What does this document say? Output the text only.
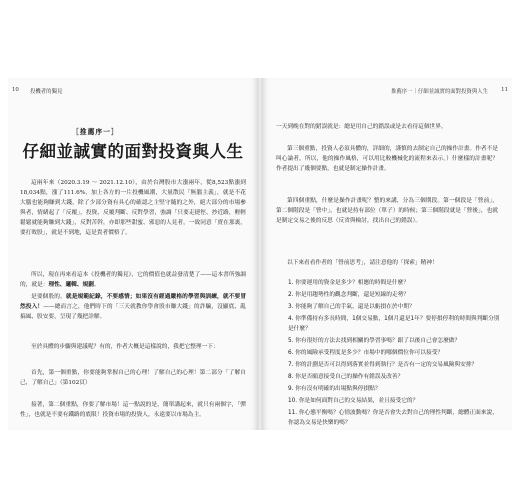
10 投機者的獨見
［推薦序一］
仔細並誠實的面對投資與人生

這兩年來（2020.3.19 ～ 2021.12.10），由於台灣股市大漲兩年，從8,523點漲到18,034點，漲了111.6%，加上各方的一片投機風潮，大量散民「無腦主義」，就是不花大腦也能夠賺到大錢，除了少部分資有具心的確認之主堅守隨的之外，絕大部分的市場參與者，情緒起了「反覆」，投資、反覆判斷、反對學習，強調「只要走捷徑、抄近路，輕輕鬆鬆就能夠賺到大錢」，反對苦幹，亦即那些甜蜜、邪惡的人見者，一致同意「賣在那裏，要打敗股」，就是不到地，這是貴者價格了。

所以，現在再來看這本《投機者的獨見》，它的價值也就益發清楚了——這本書所強調的，就是：理性、邏輯、規劃。

是要個股的。就是規範紀錄，不要感情；如果沒有經過嚴格的學習與訓練，就不要冒然投入！——總而言之，他們時下的「三天就教你學會股市賺大錢」的詐騙，沒顯底、亂搞風、股安要，呈現了幾把詮解。

至於具體的步驟與建議呢？有的，作者大概是這樣說的，我把它整理一下：

首先，第一個重點，你要能夠掌握自己的心理！了解自己的心理！第二部分「了解自己，了解自己」（第102頁）

接著，第二個重點，你要了解市場！這一點說的是，簡單講起來，就只有兩個字，「彈性」，也就是不要有鐵路的底限！投資市場的投資人，永遠要以市場為主。

推薦序一｜仔細並誠實的面對投資與人生 11

一天到晚在對的錯誤就是：總是用自己的錯誤或是去看待這個世界。

第三個重點，投資人必須具體的，詳細的，謹慎的去制定自己的操作計畫。作者不是叫心論者，所以，他的操作風格，可以用比較機械化的流程來表示。）什麼樣的計畫呢？作者提出了幾個要點，也就是制定操作計畫。

第四個重點，什麼是操作計畫呢？整的來講，分為三個期段。第一個段是「營前」，第二個階段是「營中」，也就是持有部位（單子）的時候；第三個階段就是「營後」，也就是制定交易之後的反思（反省與檢討，找出自己的錯誤）。

以下來看看作者的「營前思考」，請注意他的「探索」精神！

1. 你要運用的資金是多少？相應的時間是什麼？
2. 你是用趨勢性的觀念判斷，還是短線的走勢？
3. 你能夠了解自己的手氣，還是以虧損在於中期？
4. 你準備持有多長時間，1個交易點，1個月還是1年？要停損停利的時間與判斷分別是什麼？
5. 你有很好的方法去找到相關的學習事嗎？跟了以後自己會怎麼做？
6. 你的風險承受程度是多少？市場中的哪個價位你可以接受？
7. 你的計劃是否可以得到落實並得到執行？是否有一定的交易風險與安排？
8. 你是否願意接受自己的操作有錯誤及改善？
9. 你有沒有明確的出場點與停損點？
10. 你是如何面對自己的交易結果，並且接受它的？
11. 你心態平衡嗎？心情波動嗎？你是否會失去對自己的理性判斷，總體正面來說，你認為交易是快樂的嗎？
